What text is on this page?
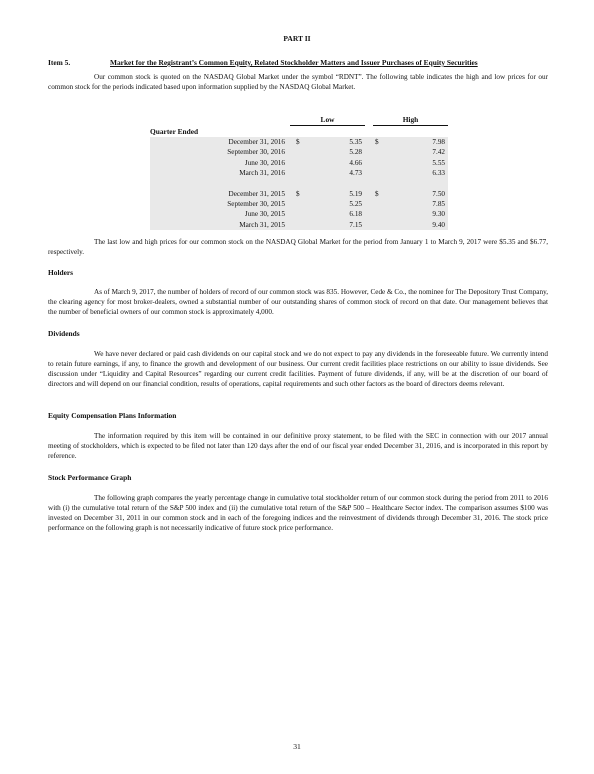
PART II
Item 5.	Market for the Registrant’s Common Equity, Related Stockholder Matters and Issuer Purchases of Equity Securities

Our common stock is quoted on the NASDAQ Global Market under the symbol “RDNT”. The following table indicates the high and low prices for our common stock for the periods indicated based upon information supplied by the NASDAQ Global Market.

Low	High
Quarter Ended
December 31, 2016 $	5.35 $	7.98
September 30, 2016	5.28	7.42
June 30, 2016	4.66	5.55
March 31, 2016	4.73	6.33
December 31, 2015 $	5.19 $	7.50
September 30, 2015	5.25	7.85
June 30, 2015	6.18	9.30
March 31, 2015	7.15	9.40

The last low and high prices for our common stock on the NASDAQ Global Market for the period from January 1 to March 9, 2017 were $5.35 and $6.77, respectively.

Holders

As of March 9, 2017, the number of holders of record of our common stock was 835. However, Cede & Co., the nominee for The Depository Trust Company, the clearing agency for most broker-dealers, owned a substantial number of our outstanding shares of common stock of record on that date. Our management believes that the number of beneficial owners of our common stock is approximately 4,000.

Dividends

We have never declared or paid cash dividends on our capital stock and we do not expect to pay any dividends in the foreseeable future. We currently intend to retain future earnings, if any, to finance the growth and development of our business. Our current credit facilities place restrictions on our ability to issue dividends. See discussion under “Liquidity and Capital Resources” regarding our current credit facilities. Payment of future dividends, if any, will be at the discretion of our board of directors and will depend on our financial condition, results of operations, capital requirements and such other factors as the board of directors deems relevant.

Equity Compensation Plans Information

The information required by this item will be contained in our definitive proxy statement, to be filed with the SEC in connection with our 2017 annual meeting of stockholders, which is expected to be filed not later than 120 days after the end of our fiscal year ended December 31, 2016, and is incorporated in this report by reference.

Stock Performance Graph

The following graph compares the yearly percentage change in cumulative total stockholder return of our common stock during the period from 2011 to 2016 with (i) the cumulative total return of the S&P 500 index and (ii) the cumulative total return of the S&P 500 – Healthcare Sector index. The comparison assumes $100 was invested on December 31, 2011 in our common stock and in each of the foregoing indices and the reinvestment of dividends through December 31, 2016. The stock price performance on the following graph is not necessarily indicative of future stock price performance.

31
